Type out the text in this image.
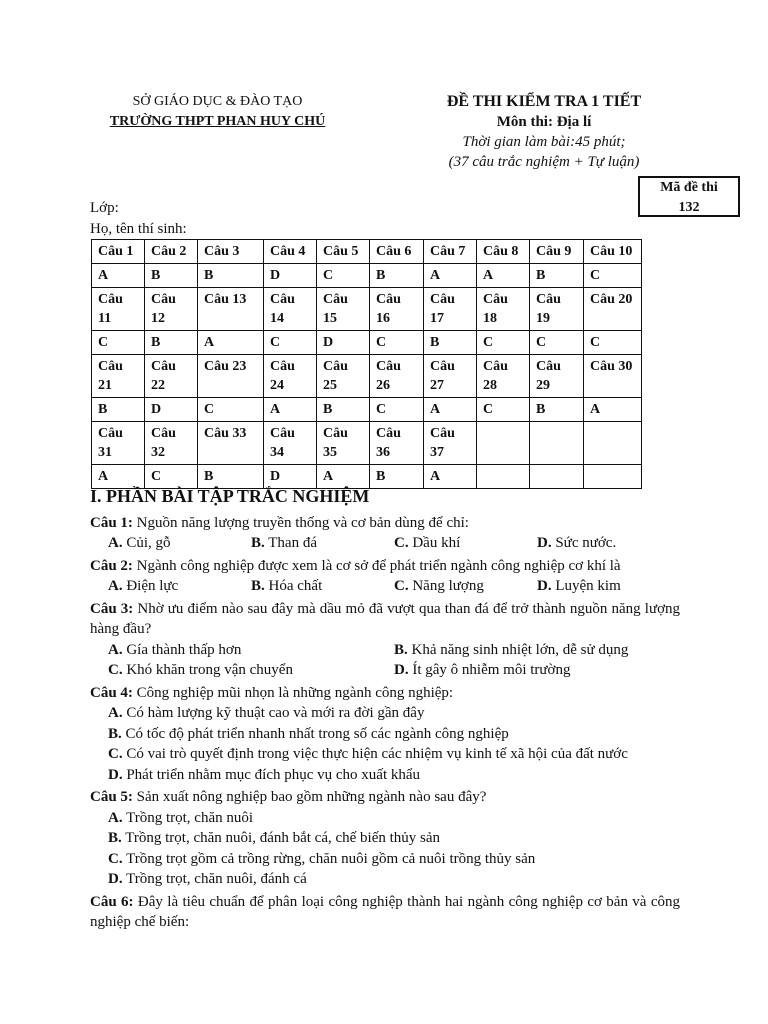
SỞ GIÁO DỤC & ĐÀO TẠO
TRƯỜNG THPT PHAN HUY CHÚ
ĐỀ THI KIỂM TRA 1 TIẾT
Môn thi: Địa lí
Thời gian làm bài:45 phút;
(37 câu trắc nghiệm + Tự luận)
Mã đề thi
132
Lớp:
Họ, tên thí sinh:
Câu 1	Câu 2	Câu 3	Câu 4	Câu 5	Câu 6	Câu 7	Câu 8	Câu 9	Câu 10
A	B	B	D	C	B	A	A	B	C
Câu 11	Câu 12	Câu 13	Câu 14	Câu 15	Câu 16	Câu 17	Câu 18	Câu 19	Câu 20
C	B	A	C	D	C	B	C	C	C
Câu 21	Câu 22	Câu 23	Câu 24	Câu 25	Câu 26	Câu 27	Câu 28	Câu 29	Câu 30
B	D	C	A	B	C	A	C	B	A
Câu 31	Câu 32	Câu 33	Câu 34	Câu 35	Câu 36	Câu 37			
A	C	B	D	A	B	A			
I. PHẦN BÀI TẬP TRẮC NGHIỆM
Câu 1: Nguồn năng lượng truyền thống và cơ bản dùng để chỉ:
A. Củi, gỗ	B. Than đá	C. Dầu khí	D. Sức nước.
Câu 2: Ngành công nghiệp được xem là cơ sở để phát triển ngành công nghiệp cơ khí là
A. Điện lực	B. Hóa chất	C. Năng lượng	D. Luyện kim
Câu 3: Nhờ ưu điểm nào sau đây mà dầu mỏ đã vượt qua than đá để trở thành nguồn năng lượng hàng đầu?
A. Gía thành thấp hơn	B. Khả năng sinh nhiệt lớn, dễ sử dụng
C. Khó khăn trong vận chuyển	D. Ít gây ô nhiễm môi trường
Câu 4: Công nghiệp mũi nhọn là những ngành công nghiệp:
A. Có hàm lượng kỹ thuật cao và mới ra đời gần đây
B. Có tốc độ phát triển nhanh nhất trong số các ngành công nghiệp
C. Có vai trò quyết định trong việc thực hiện các nhiệm vụ kinh tế xã hội của đất nước
D. Phát triển nhằm mục đích phục vụ cho xuất khẩu
Câu 5: Sản xuất nông nghiệp bao gồm những ngành nào sau đây?
A. Trồng trọt, chăn nuôi
B. Trồng trọt, chăn nuôi, đánh bắt cá, chế biến thủy sản
C. Trồng trọt gồm cả trồng rừng, chăn nuôi gồm cả nuôi trồng thủy sản
D. Trồng trọt, chăn nuôi, đánh cá
Câu 6: Đây là tiêu chuẩn để phân loại công nghiệp thành hai ngành công nghiệp cơ bản và công nghiệp chế biến:
